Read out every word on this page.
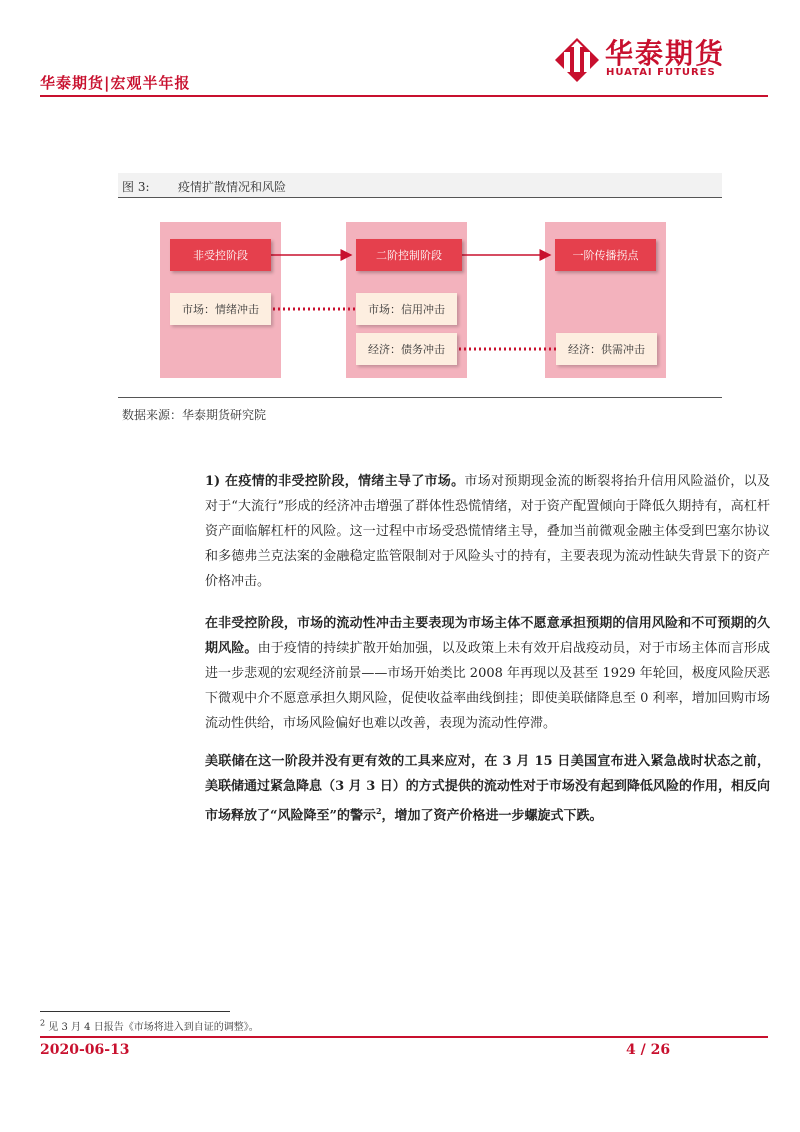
华泰期货
HUATAI FUTURES
华泰期货|宏观半年报
图 3: 疫情扩散情况和风险
非受控阶段	二阶控制阶段	一阶传播拐点
市场：情绪冲击	市场：信用冲击
经济：债务冲击	经济：供需冲击
数据来源：华泰期货研究院
1) 在疫情的非受控阶段，情绪主导了市场。市场对预期现金流的断裂将抬升信用风险溢价，以及对于“大流行”形成的经济冲击增强了群体性恐慌情绪，对于资产配置倾向于降低久期持有，高杠杆资产面临解杠杆的风险。这一过程中市场受恐慌情绪主导，叠加当前微观金融主体受到巴塞尔协议和多德弗兰克法案的金融稳定监管限制对于风险头寸的持有，主要表现为流动性缺失背景下的资产价格冲击。
在非受控阶段，市场的流动性冲击主要表现为市场主体不愿意承担预期的信用风险和不可预期的久期风险。由于疫情的持续扩散开始加强，以及政策上未有效开启战疫动员，对于市场主体而言形成进一步悲观的宏观经济前景——市场开始类比 2008 年再现以及甚至 1929 年轮回，极度风险厌恶下微观中介不愿意承担久期风险，促使收益率曲线倒挂；即使美联储降息至 0 利率，增加回购市场流动性供给，市场风险偏好也难以改善，表现为流动性停滞。
美联储在这一阶段并没有更有效的工具来应对，在 3 月 15 日美国宣布进入紧急战时状态之前，美联储通过紧急降息（3 月 3 日）的方式提供的流动性对于市场没有起到降低风险的作用，相反向市场释放了“风险降至”的警示$^2$，增加了资产价格进一步螺旋式下跌。
$^2$ 见 3 月 4 日报告《市场将进入到自证的调整》。
2020-06-13	4 / 26
